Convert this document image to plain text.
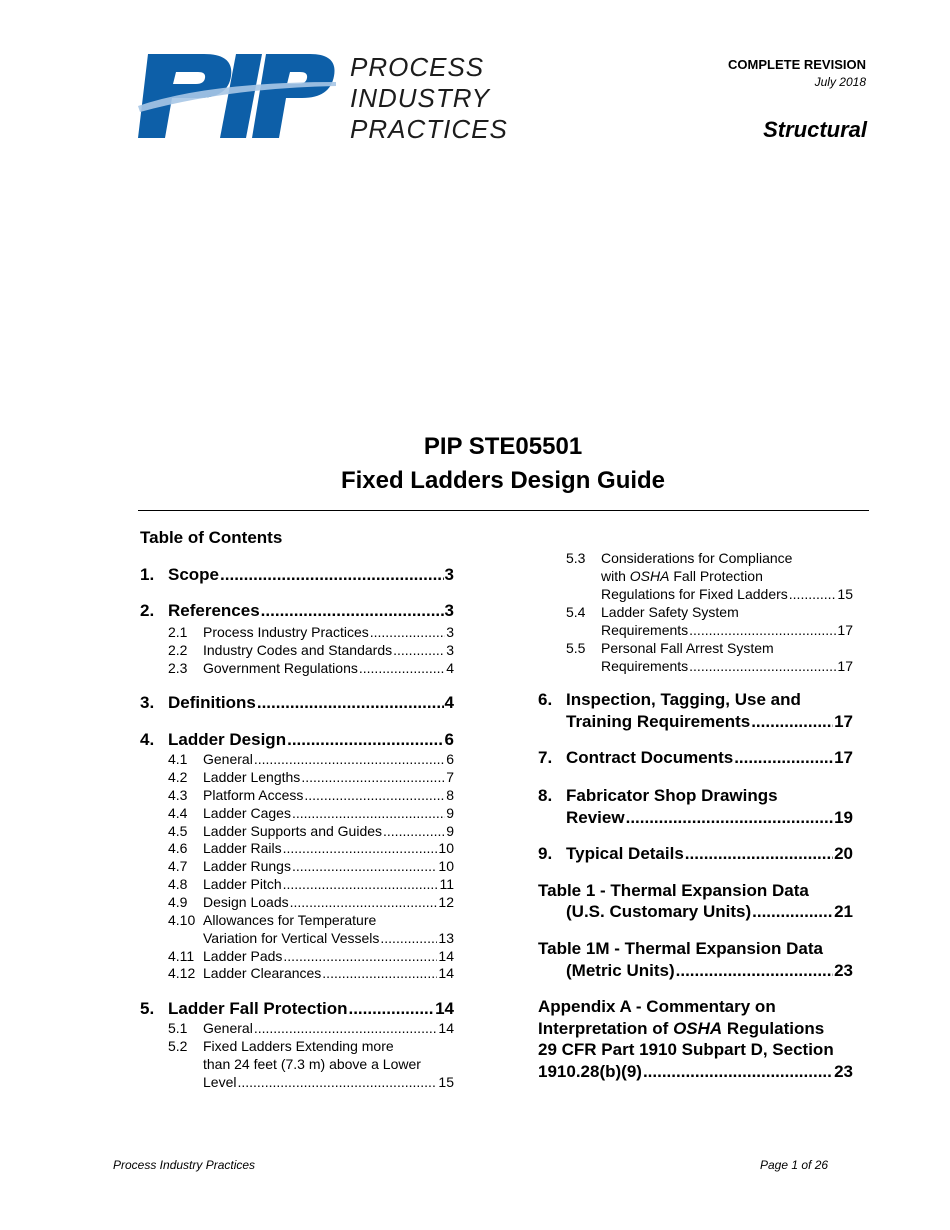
PROCESS
INDUSTRY
PRACTICES
COMPLETE REVISION
July 2018
Structural
PIP STE05501
Fixed Ladders Design Guide
Table of Contents
1. Scope .....	3
2. References .....	3
2.1	Process Industry Practices .....	3
2.2	Industry Codes and Standards .....	3
2.3	Government Regulations .....	4
3. Definitions .....	4
4. Ladder Design .....	6
4.1	General .....	6
4.2	Ladder Lengths .....	7
4.3	Platform Access .....	8
4.4	Ladder Cages .....	9
4.5	Ladder Supports and Guides .....	9
4.6	Ladder Rails .....	10
4.7	Ladder Rungs .....	10
4.8	Ladder Pitch .....	11
4.9	Design Loads .....	12
4.10 Allowances for Temperature
Variation for Vertical Vessels .....	13
4.11 Ladder Pads .....	14
4.12 Ladder Clearances .....	14
5. Ladder Fall Protection .....	14
5.1	General .....	14
5.2 Fixed Ladders Extending more
than 24 feet (7.3 m) above a Lower
Level .....	15
5.3 Considerations for Compliance
with OSHA Fall Protection
Regulations for Fixed Ladders .....	15
5.4 Ladder Safety System
Requirements .....	17
5.5 Personal Fall Arrest System
Requirements .....	17
6. Inspection, Tagging, Use and
Training Requirements .....	17
7. Contract Documents .....	17
8. Fabricator Shop Drawings
Review .....	19
9. Typical Details .....	20
Table 1 - Thermal Expansion Data
(U.S. Customary Units) .....	21
Table 1M - Thermal Expansion Data
(Metric Units) .....	23
Appendix A - Commentary on
Interpretation of OSHA Regulations
29 CFR Part 1910 Subpart D, Section
1910.28(b)(9) .....	23
Process Industry Practices	Page 1 of 26
